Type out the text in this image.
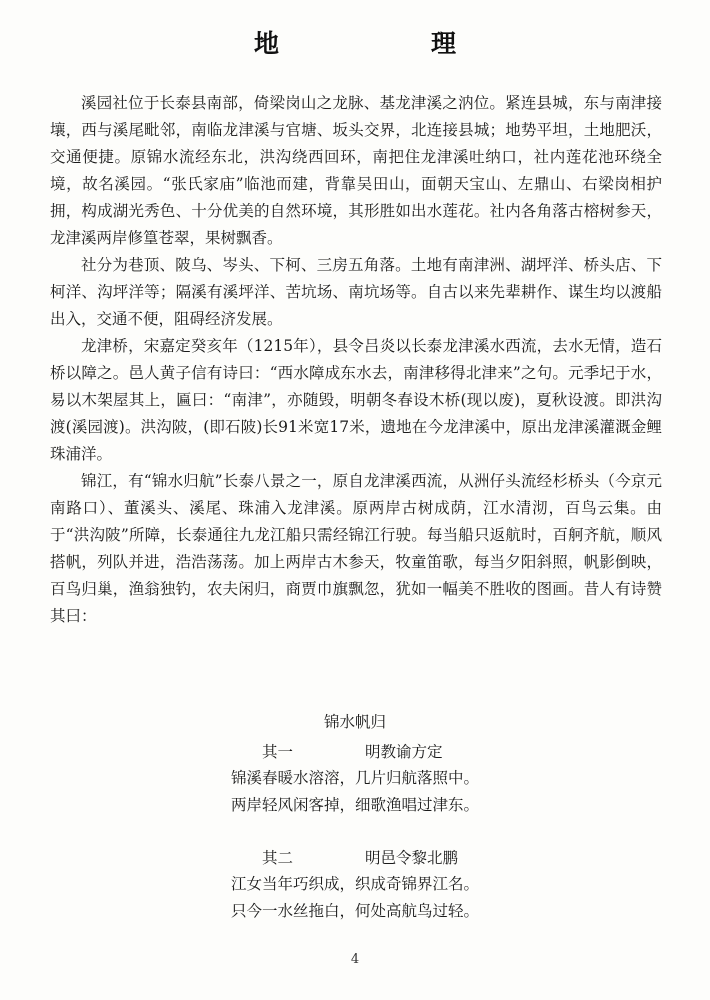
地　　理

溪园社位于长泰县南部，倚梁岗山之龙脉、基龙津溪之汭位。紧连县城，东与南津接壤，西与溪尾毗邻，南临龙津溪与官塘、坂头交界，北连接县城；地势平坦，土地肥沃，交通便捷。原锦水流经东北，洪沟绕西回环，南把住龙津溪吐纳口，社内莲花池环绕全境，故名溪园。“张氏家庙”临池而建，背靠吴田山，面朝天宝山、左鼎山、右梁岗相护拥，构成湖光秀色、十分优美的自然环境，其形胜如出水莲花。社内各角落古榕树参天，龙津溪两岸修篁苍翠，果树飘香。

社分为巷顶、陂乌、岑头、下柯、三房五角落。土地有南津洲、湖坪洋、桥头店、下柯洋、沟坪洋等；隔溪有溪坪洋、苦坑场、南坑场等。自古以来先辈耕作、谋生均以渡船出入，交通不便，阻碍经济发展。

龙津桥，宋嘉定癸亥年（1215年），县令吕炎以长泰龙津溪水西流，去水无情，造石桥以障之。邑人黄子信有诗曰：“西水障成东水去，南津移得北津来”之句。元季圮于水，易以木架屋其上，匾曰：“南津”，亦随毁，明朝冬春设木桥(现以废)，夏秋设渡。即洪沟渡(溪园渡)。洪沟陂，(即石陂)长91米宽17米，遗地在今龙津溪中，原出龙津溪灌溉金鲤珠浦洋。

锦江，有“锦水归航”长泰八景之一，原自龙津溪西流，从洲仔头流经杉桥头（今京元南路口）、董溪头、溪尾、珠浦入龙津溪。原两岸古树成荫，江水清沏，百鸟云集。由于“洪沟陂”所障，长泰通往九龙江船只需经锦江行驶。每当船只返航时，百舸齐航，顺风搭帆，列队并进，浩浩荡荡。加上两岸古木参天，牧童笛歌，每当夕阳斜照，帆影倒映，百鸟归巢，渔翁独钓，农夫闲归，商贾巾旗飘忽，犹如一幅美不胜收的图画。昔人有诗赞其曰：

锦水帆归
其一	明教谕方定
锦溪春暖水溶溶，几片归航落照中。
两岸轻风闲客掉，细歌渔唱过津东。
其二	明邑令黎北鹏
江女当年巧织成，织成奇锦界江名。
只今一水丝拖白，何处高航鸟过轻。
4
